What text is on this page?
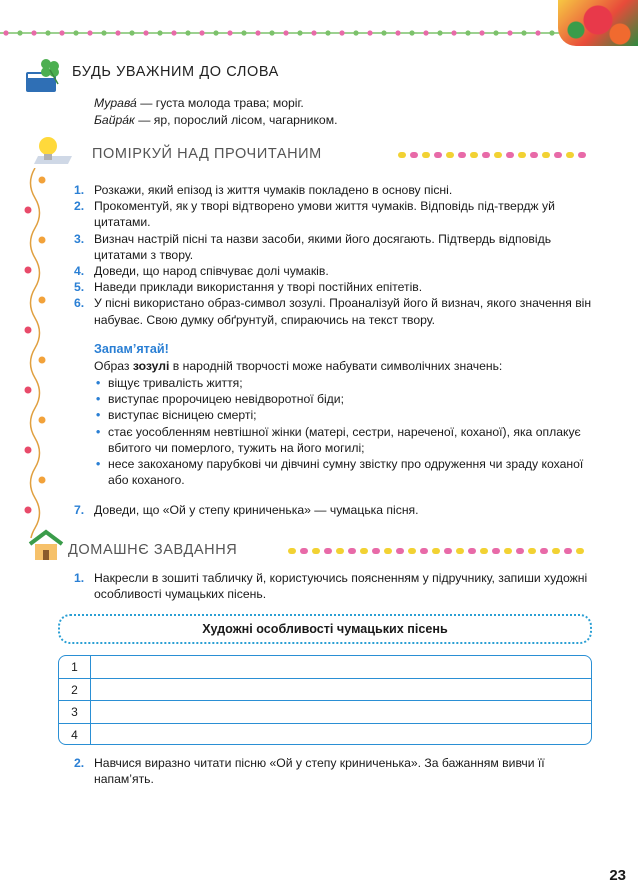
БУДЬ УВАЖНИМ ДО СЛОВА
Мурава́ — густа молода трава; моріг.
Байра́к — яр, порослий лісом, чагарником.
ПОМІРКУЙ НАД ПРОЧИТАНИМ
1. Розкажи, який епізод із життя чумаків покладено в основу пісні.
2. Прокоментуй, як у творі відтворено умови життя чумаків. Відповідь під-твердж уй цитатами.
3. Визнач настрій пісні та назви засоби, якими його досягають. Підтвердь відповідь цитатами з твору.
4. Доведи, що народ співчуває долі чумаків.
5. Наведи приклади використання у творі постійних епітетів.
6. У пісні використано образ-символ зозулі. Проаналізуй його й визнач, якого значення він набуває. Свою думку обґрунтуй, спираючись на текст твору.
Запам’ятай!
Образ зозулі в народній творчості може набувати символічних значень:
• віщує тривалість життя;
• виступає пророчицею невідворотної біди;
• виступає вісницею смерті;
• стає уособленням невтішної жінки (матері, сестри, нареченої, коханої), яка оплакує вбитого чи померлого, тужить на його могилі;
• несе закоханому парубкові чи дівчині сумну звістку про одруження чи зраду коханої або коханого.
7. Доведи, що «Ой у степу криниченька» — чумацька пісня.
ДОМАШНЄ ЗАВДАННЯ
1. Накресли в зошиті табличку й, користуючись поясненням у підручнику, запиши художні особливості чумацьких пісень.
Художні особливості чумацьких пісень
1
2
3
4
2. Навчися виразно читати пісню «Ой у степу криниченька». За бажанням вивчи її напам’ять.
23
